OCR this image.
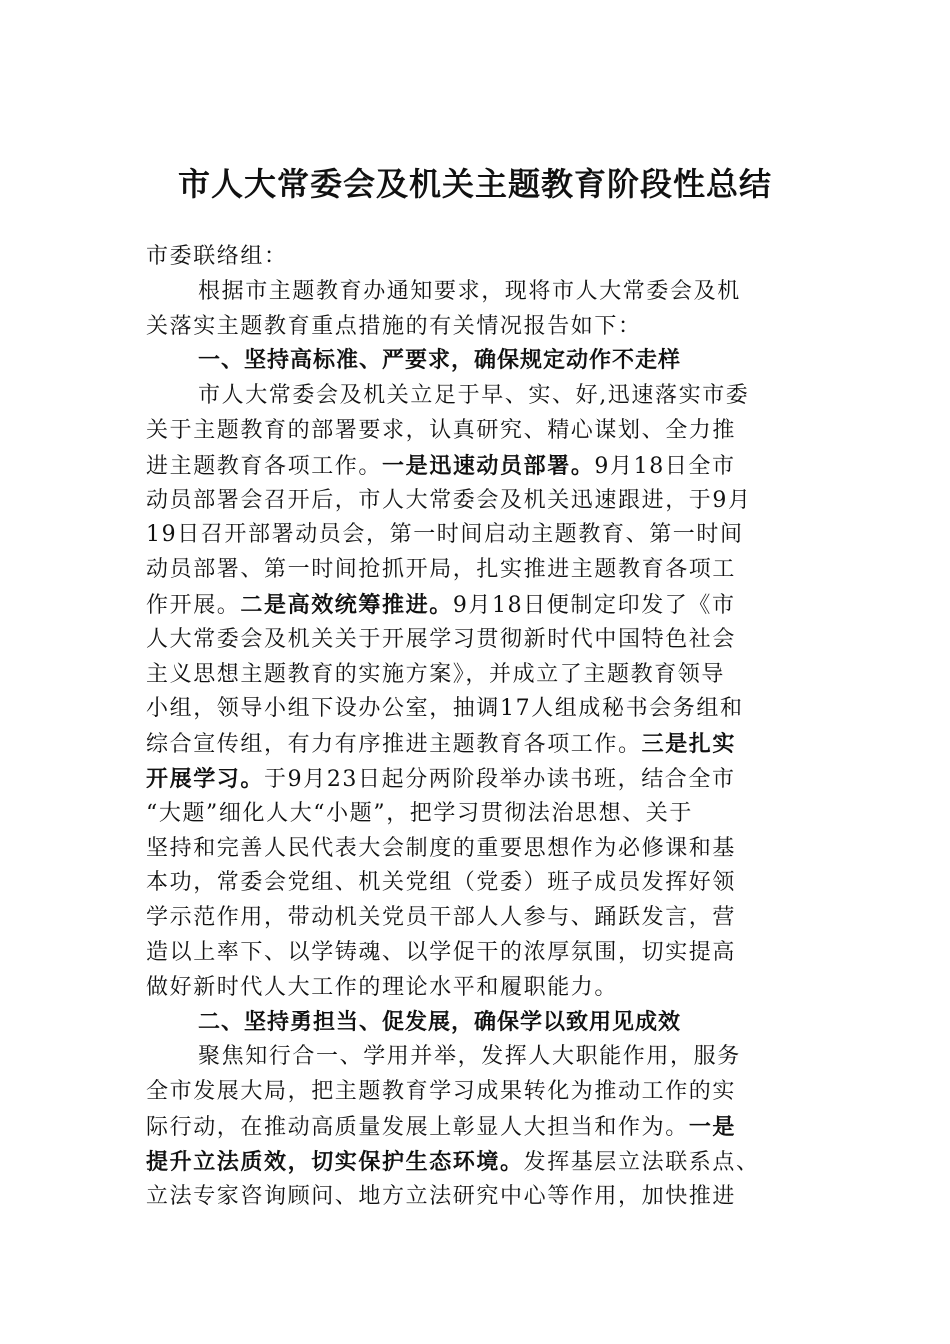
市人大常委会及机关主题教育阶段性总结
市委联络组：
根据市主题教育办通知要求，现将市人大常委会及机
关落实主题教育重点措施的有关情况报告如下：
一、坚持高标准、严要求，确保规定动作不走样
市人大常委会及机关立足于早、实、好,迅速落实市委
关于主题教育的部署要求，认真研究、精心谋划、全力推
进主题教育各项工作。一是迅速动员部署。9月18日全市
动员部署会召开后，市人大常委会及机关迅速跟进，于9月
19日召开部署动员会，第一时间启动主题教育、第一时间
动员部署、第一时间抢抓开局，扎实推进主题教育各项工
作开展。二是高效统筹推进。9月18日便制定印发了《市
人大常委会及机关关于开展学习贯彻新时代中国特色社会
主义思想主题教育的实施方案》，并成立了主题教育领导
小组，领导小组下设办公室，抽调17人组成秘书会务组和
综合宣传组，有力有序推进主题教育各项工作。三是扎实
开展学习。于9月23日起分两阶段举办读书班，结合全市
“大题”细化人大“小题”，把学习贯彻法治思想、关于
坚持和完善人民代表大会制度的重要思想作为必修课和基
本功，常委会党组、机关党组（党委）班子成员发挥好领
学示范作用，带动机关党员干部人人参与、踊跃发言，营
造以上率下、以学铸魂、以学促干的浓厚氛围，切实提高
做好新时代人大工作的理论水平和履职能力。
二、坚持勇担当、促发展，确保学以致用见成效
聚焦知行合一、学用并举，发挥人大职能作用，服务
全市发展大局，把主题教育学习成果转化为推动工作的实
际行动，在推动高质量发展上彰显人大担当和作为。一是
提升立法质效，切实保护生态环境。发挥基层立法联系点、
立法专家咨询顾问、地方立法研究中心等作用，加快推进
